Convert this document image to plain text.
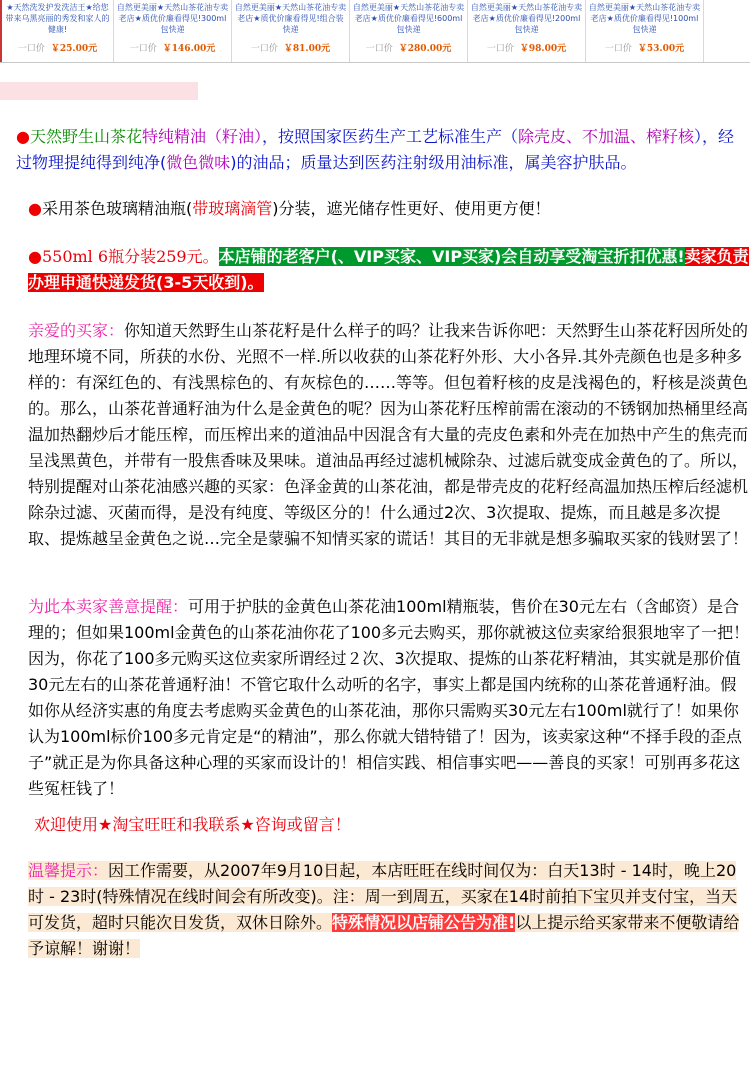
★天然洗发护发洗洁王★给您带来乌黑亮丽的秀发和家人的健康!
一口价 ￥25.00元
自然更美丽★天然山茶花油专卖老店★质优价廉看得见!300ml包快递
一口价 ￥146.00元
自然更美丽★天然山茶花油专卖老店★质优价廉看得见!组合装快递
一口价 ￥81.00元
自然更美丽★天然山茶花油专卖老店★质优价廉看得见!600ml包快递
一口价 ￥280.00元
自然更美丽★天然山茶花油专卖老店★质优价廉看得见!200ml包快递
一口价 ￥98.00元
自然更美丽★天然山茶花油专卖老店★质优价廉看得见!100ml包快递
一口价 ￥53.00元

●天然野生山茶花特纯精油（籽油），按照国家医药生产工艺标准生产（除壳皮、不加温、榨籽核），经过物理提纯得到纯净(微色微味)的油品；质量达到医药注射级用油标准，属美容护肤品。

●采用茶色玻璃精油瓶(带玻璃滴管)分装，遮光储存性更好、使用更方便！

●550ml 6瓶分装259元。本店铺的老客户(、VIP买家、VIP买家)会自动享受淘宝折扣优惠!卖家负责办理申通快递发货(3-5天收到)。

亲爱的买家：你知道天然野生山茶花籽是什么样子的吗？让我来告诉你吧：天然野生山茶花籽因所处的地理环境不同，所获的水份、光照不一样.所以收获的山茶花籽外形、大小各异.其外壳颜色也是多种多样的：有深红色的、有浅黑棕色的、有灰棕色的……等等。但包着籽核的皮是浅褐色的，籽核是淡黄色的。那么，山茶花普通籽油为什么是金黄色的呢？因为山茶花籽压榨前需在滚动的不锈钢加热桶里经高温加热翻炒后才能压榨，而压榨出来的道油品中因混含有大量的壳皮色素和外壳在加热中产生的焦壳而呈浅黑黄色，并带有一股焦香味及果味。道油品再经过滤机械除杂、过滤后就变成金黄色的了。所以，特别提醒对山茶花油感兴趣的买家：色泽金黄的山茶花油，都是带壳皮的花籽经高温加热压榨后经滤机除杂过滤、灭菌而得，是没有纯度、等级区分的！什么通过2次、3次提取、提炼，而且越是多次提取、提炼越呈金黄色之说…完全是蒙骗不知情买家的谎话！其目的无非就是想多骗取买家的钱财罢了！

为此本卖家善意提醒：可用于护肤的金黄色山茶花油100ml精瓶装，售价在30元左右（含邮资）是合理的；但如果100ml金黄色的山茶花油你花了100多元去购买，那你就被这位卖家给狠狠地宰了一把！因为，你花了100多元购买这位卖家所谓经过２次、3次提取、提炼的山茶花籽精油，其实就是那价值30元左右的山茶花普通籽油！不管它取什么动听的名字，事实上都是国内统称的山茶花普通籽油。假如你从经济实惠的角度去考虑购买金黄色的山茶花油，那你只需购买30元左右100ml就行了！如果你认为100ml标价100多元肯定是“的精油”，那么你就大错特错了！因为，该卖家这种“不择手段的歪点子”就正是为你具备这种心理的买家而设计的！相信实践、相信事实吧——善良的买家！可别再多花这些冤枉钱了！

欢迎使用★淘宝旺旺和我联系★咨询或留言！

温馨提示：因工作需要，从2007年9月10日起，本店旺旺在线时间仅为：白天13时 - 14时，晚上20时 - 23时(特殊情况在线时间会有所改变)。注：周一到周五，买家在14时前拍下宝贝并支付宝，当天可发货，超时只能次日发货，双休日除外。特殊情况以店铺公告为准!以上提示给买家带来不便敬请给予谅解！谢谢！
